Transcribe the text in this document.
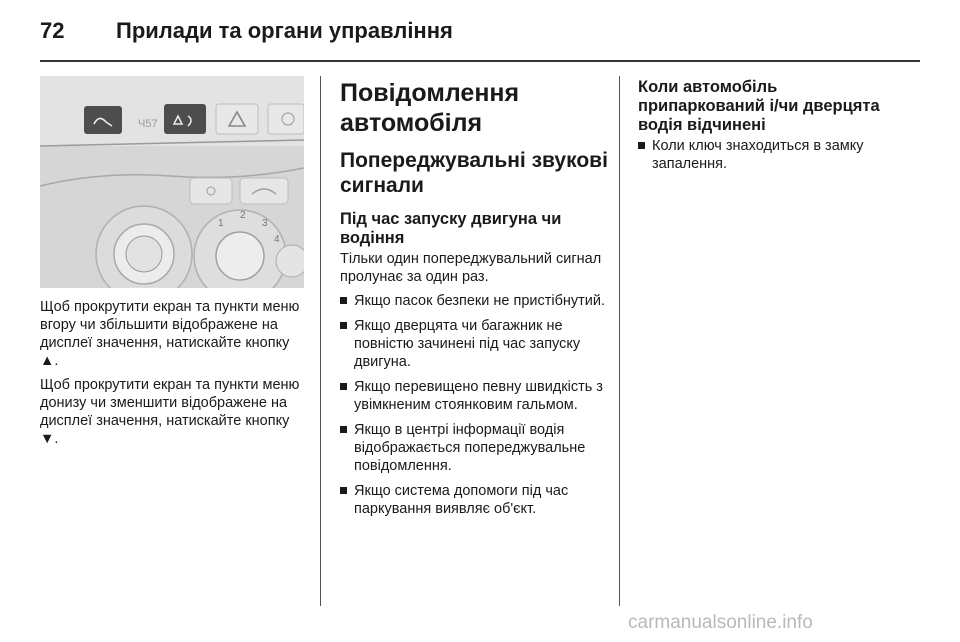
72 Прилади та органи управління
Ч57
1
2
3
4

Щоб прокрутити екран та пункти меню вгору чи збільшити відображене на дисплеї значення, натискайте кнопку ▲.

Щоб прокрутити екран та пункти меню донизу чи зменшити відображене на дисплеї значення, натискайте кнопку ▼.

Повідомлення автомобіля
Попереджувальні звукові сигнали
Під час запуску двигуна чи водіння

Тільки один попереджувальний сигнал пролунає за один раз.

Якщо пасок безпеки не пристібнутий.
Якщо дверцята чи багажник не повністю зачинені під час запуску двигуна.
Якщо перевищено певну швидкість з увімкненим стоянковим гальмом.
Якщо в центрі інформації водія відображається попереджувальне повідомлення.
Якщо система допомоги під час паркування виявляє об'єкт.
Коли автомобіль припаркований і/чи дверцята водія відчинені
Коли ключ знаходиться в замку запалення.
carmanualsonline.info
